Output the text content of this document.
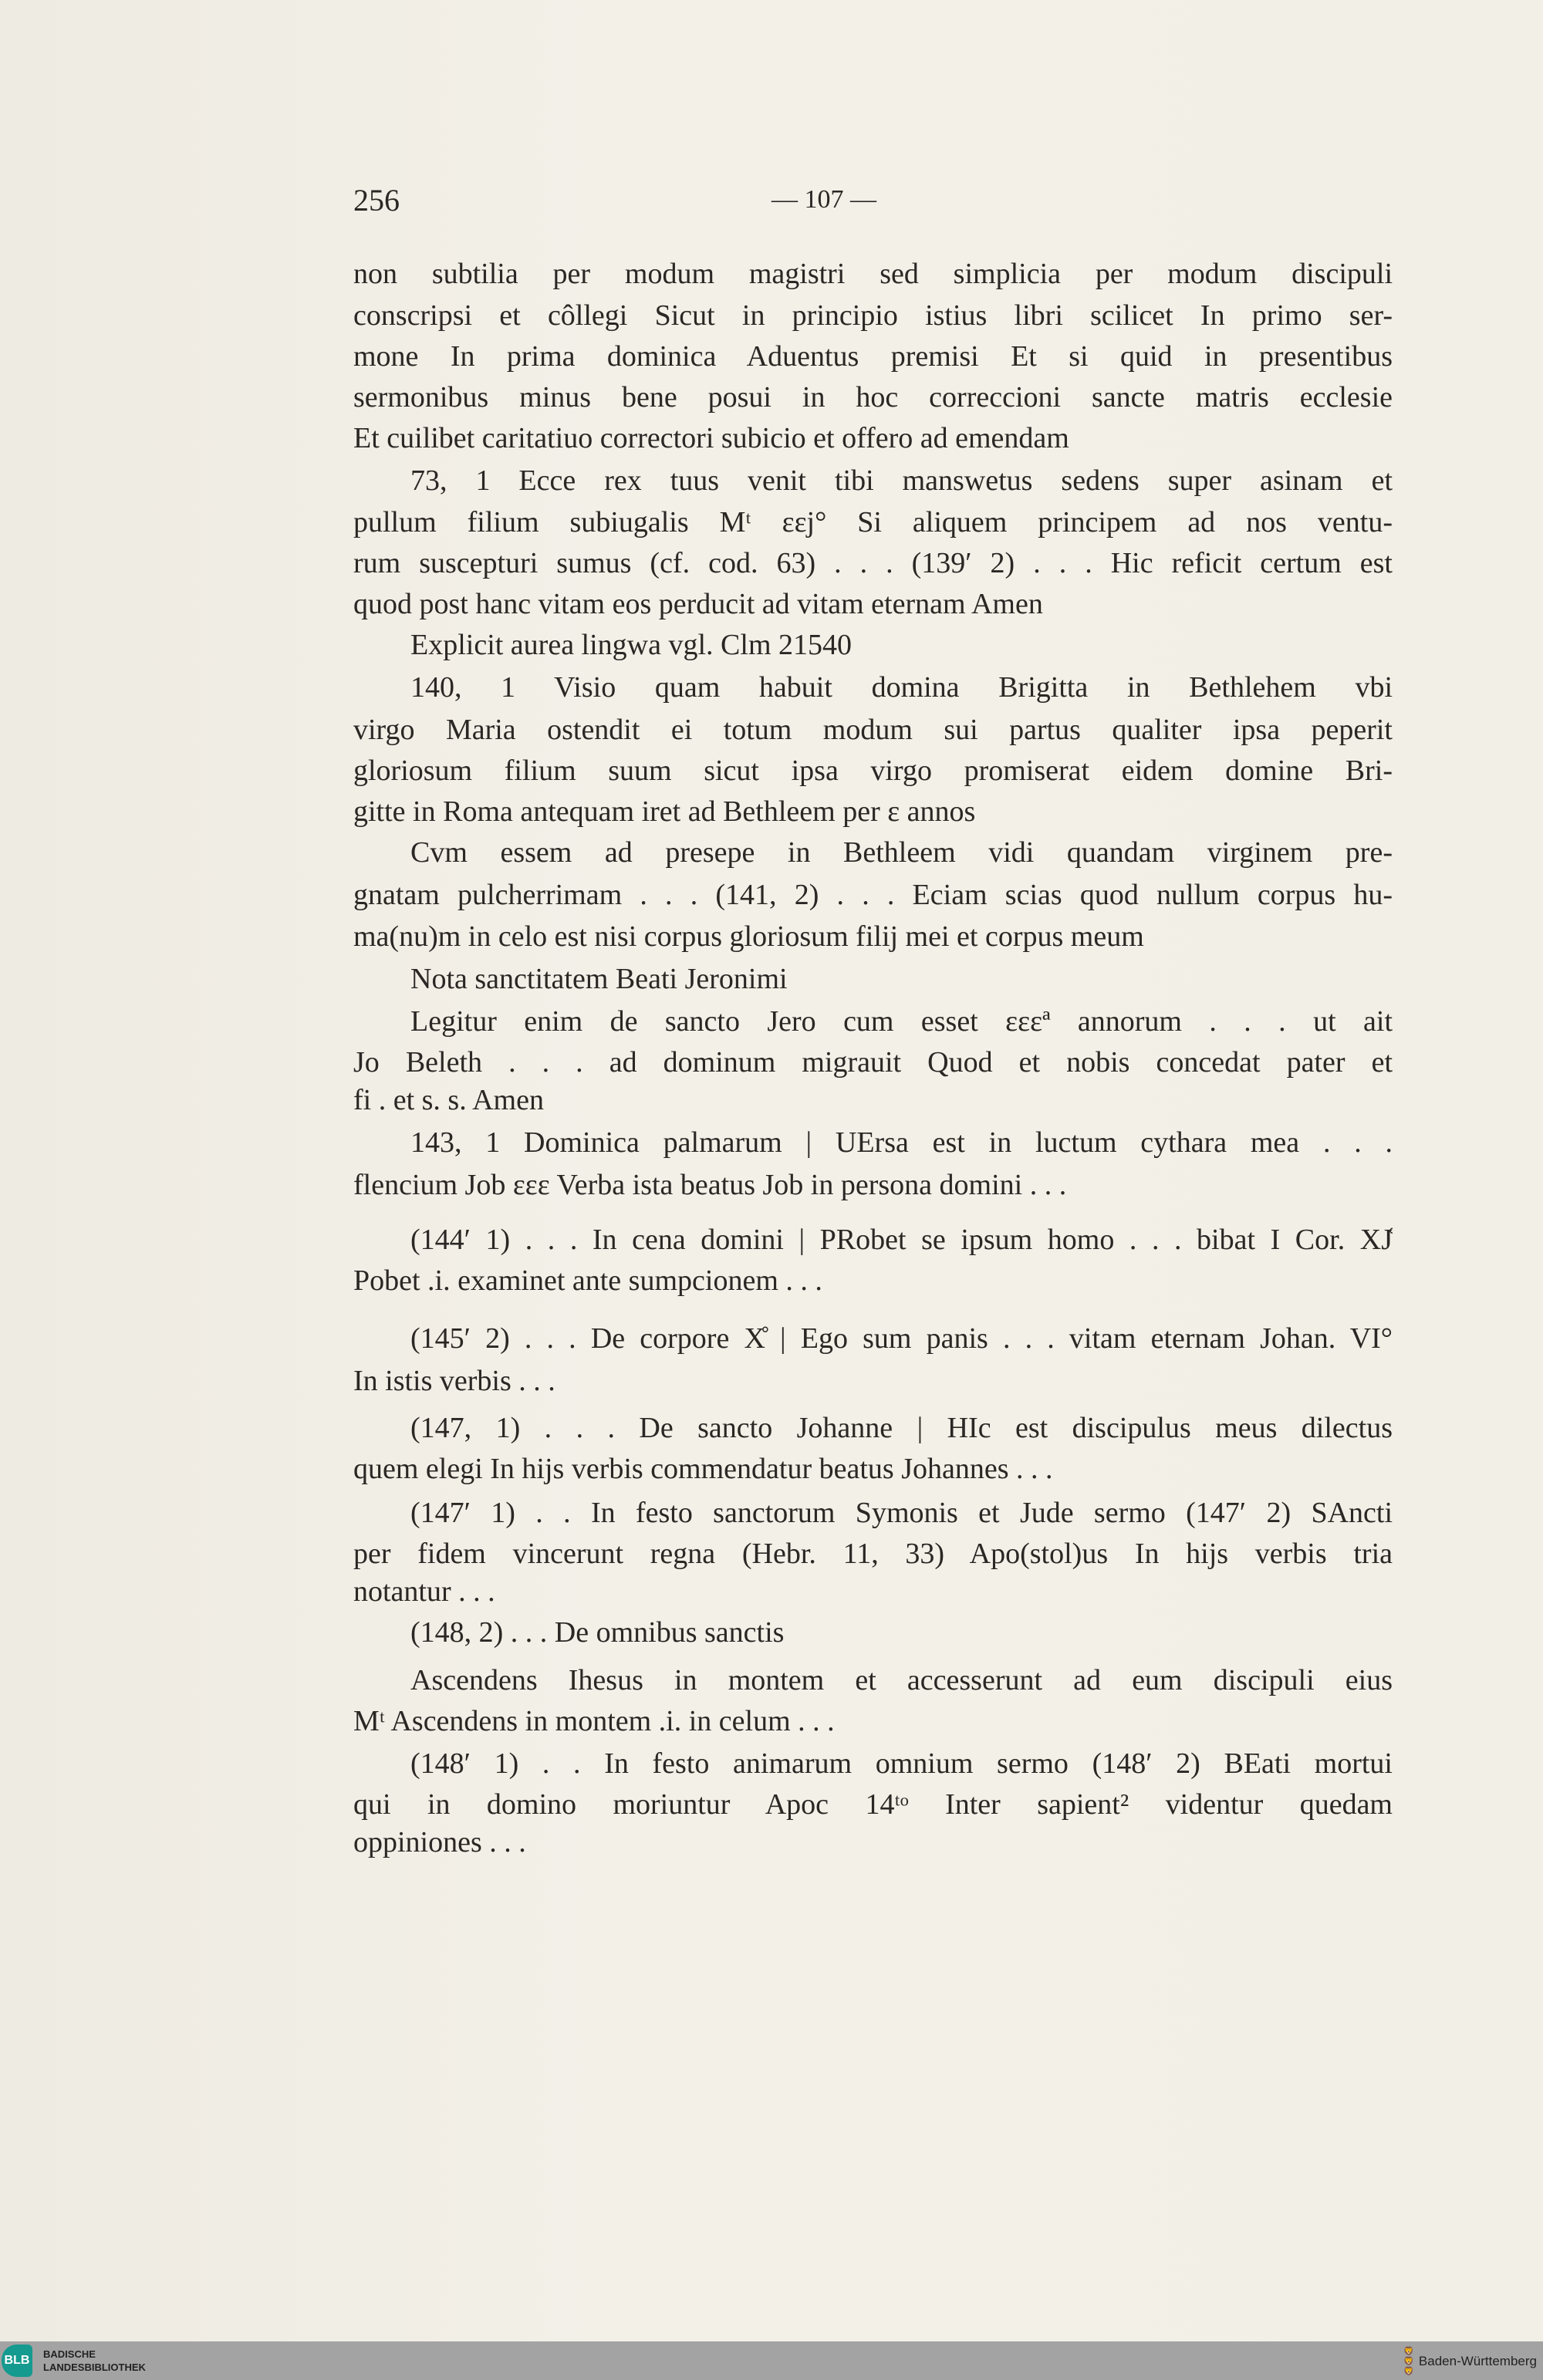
256	— 107 —
non subtilia per modum magistri sed simplicia per modum discipuli
conscripsi et côllegi Sicut in principio istius libri scilicet In primo ser-
mone In prima dominica Aduentus premisi Et si quid in presentibus
sermonibus minus bene posui in hoc correccioni sancte matris ecclesie
Et cuilibet caritatiuo correctori subicio et offero ad emendam
73, 1 Ecce rex tuus venit tibi manswetus sedens super asinam et
pullum filium subiugalis Mᵗ ɛɛj° Si aliquem principem ad nos ventu-
rum suscepturi sumus (cf. cod. 63) . . . (139′ 2) . . . Hic reficit certum est
quod post hanc vitam eos perducit ad vitam eternam Amen
Explicit aurea lingwa vgl. Clm 21540
140, 1 Visio quam habuit domina Brigitta in Bethlehem vbi
virgo Maria ostendit ei totum modum sui partus qualiter ipsa peperit
gloriosum filium suum sicut ipsa virgo promiserat eidem domine Bri-
gitte in Roma antequam iret ad Bethleem per ɛ annos
Cvm essem ad presepe in Bethleem vidi quandam virginem pre-
gnatam pulcherrimam . . . (141, 2) . . . Eciam scias quod nullum corpus hu-
ma(nu)m in celo est nisi corpus gloriosum filij mei et corpus meum
Nota sanctitatem Beati Jeronimi
Legitur enim de sancto Jero cum esset ɛɛɛª annorum . . . ut ait
Jo Beleth . . . ad dominum migrauit Quod et nobis concedat pater et
fi . et s. s. Amen
143, 1 Dominica palmarum | UErsa est in luctum cythara mea . . .
flencium Job ɛɛɛ Verba ista beatus Job in persona domini . . .
(144′ 1) . . . In cena domini | PRobet se ipsum homo . . . bibat I Cor. XJ̊
Pobet .i. examinet ante sumpcionem . . .
(145′ 2) . . . De corpore X̊ | Ego sum panis . . . vitam eternam Johan. VI°
In istis verbis . . .
(147, 1) . . . De sancto Johanne | HIc est discipulus meus dilectus
quem elegi In hijs verbis commendatur beatus Johannes . . .
(147′ 1) . . In festo sanctorum Symonis et Jude sermo (147′ 2) SAncti
per fidem vincerunt regna (Hebr. 11, 33) Apo(stol)us In hijs verbis tria
notantur . . .
(148, 2) . . . De omnibus sanctis
Ascendens Ihesus in montem et accesserunt ad eum discipuli eius
Mᵗ Ascendens in montem .i. in celum . . .
(148′ 1) . . In festo animarum omnium sermo (148′ 2) BEati mortui
qui in domino moriuntur Apoc 14ᵗᵒ Inter sapient² videntur quedam
oppiniones . . .
BLB BADISCHE
LANDESBIBLIOTHEK
🦁
🦁
🦁
Baden-Württemberg
